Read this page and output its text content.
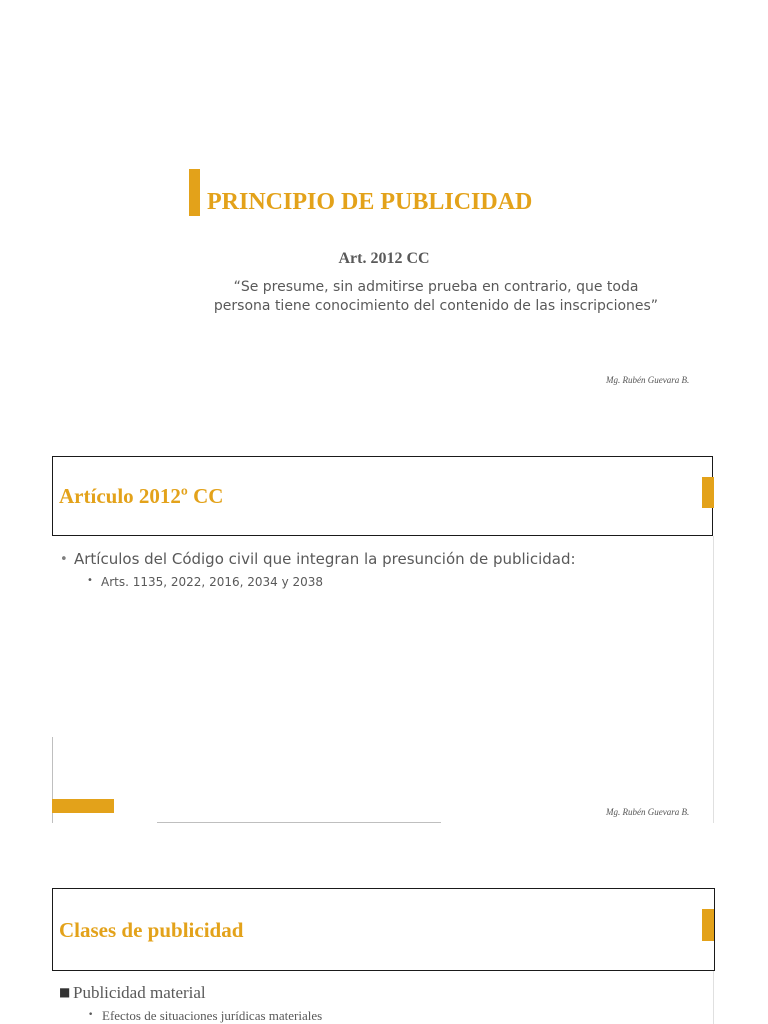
PRINCIPIO DE PUBLICIDAD
Art. 2012 CC
“Se presume, sin admitirse prueba en contrario, que toda
persona tiene conocimiento del contenido de las inscripciones”
Mg. Rubén Guevara B.
Artículo 2012º CC
• Artículos del Código civil que integran la presunción de publicidad:
• Arts. 1135, 2022, 2016, 2034 y 2038
Mg. Rubén Guevara B.
Clases de publicidad
■ Publicidad material
• Efectos de situaciones jurídicas materiales
